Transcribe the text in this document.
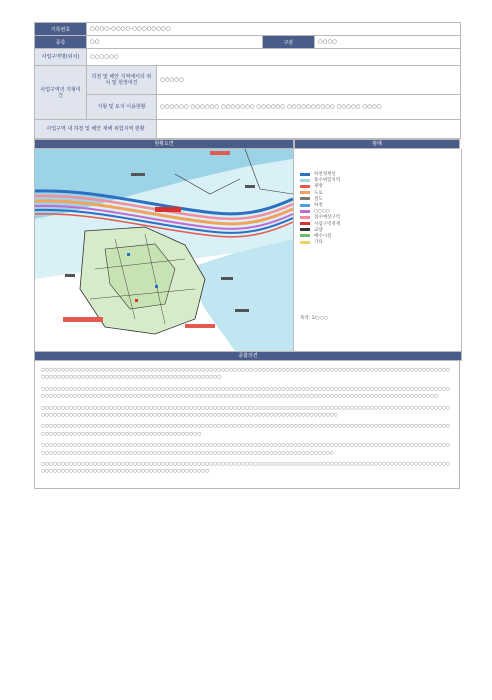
기록번호	○○○○-○○○○-○○○○○○○○			
종류	○○		구분	○○○○
사업구역명(위치)	○○○○○○			
사업구역의 지형여건	하천 및 해안 지역에서의 위치 및 현장여건	○○○○○		
	지형 및 토지 이용현황	○○○○○○ ○○○○○○ ○○○○○○○ ○○○○○○ ○○○○○○○○○○ ○○○○○ ○○○○		
사업구역 내 하천 및 해안 재해 위험지역 현황				
현황도면	범례
하천경계선
홍수위험지역
제방
도로
철도
하천
○○○○
침수예상구역
사업구역경계
교량
배수시설
기타
축척: 1/○○○
종합의견

○○○○○○○○○○○○○○○○○○○○○○○○○○○○○○○○○○○○○○○○○○○○○○○○○○○○○○○○○○○○○○○○○○○○○○○○○○○○○○○○○○○○○○○○○○○○○○○○○○○○○○○○○○○○○○○○○○○○○○○○○○○○○○○○○○○○○○○○○○○○○○○○○○○

○○○○○○○○○○○○○○○○○○○○○○○○○○○○○○○○○○○○○○○○○○○○○○○○○○○○○○○○○○○○○○○○○○○○○○○○○○○○○○○○○○○○○○○○○○○○○○○○○○○○○○○○○○○○○○○○○○○○○○○○○○○○○○○○○○○○○○○○○○○○○○○○○○○○○○○○○○○○○○○○○○○○○○○○○○○○○○○○○○○○○○○○○○○○○○○○○○○○○○○○○

○○○○○○○○○○○○○○○○○○○○○○○○○○○○○○○○○○○○○○○○○○○○○○○○○○○○○○○○○○○○○○○○○○○○○○○○○○○○○○○○○○○○○○○○○○○○○○○○○○○○○○○○○○○○○○○○○○○○○○○○○○○○○○○○○○○○○○○○○○○○○○○○○○○○○○○○○○○○○○○○○○○○○○○○○○○○○○○○

○○○○○○○○○○○○○○○○○○○○○○○○○○○○○○○○○○○○○○○○○○○○○○○○○○○○○○○○○○○○○○○○○○○○○○○○○○○○○○○○○○○○○○○○○○○○○○○○○○○○○○○○○○○○○○○○○○○○○○○○○○○○○○○○○○○○○○○○○○○○○○

○○○○○○○○○○○○○○○○○○○○○○○○○○○○○○○○○○○○○○○○○○○○○○○○○○○○○○○○○○○○○○○○○○○○○○○○○○○○○○○○○○○○○○○○○○○○○○○○○○○○○○○○○○○○○○○○○○○○○○○○○○○○○○○○○○○○○○○○○○○○○○○○○○○○○○○○○○○○○○○○○○○○○○○○○○○○○○○

○○○○○○○○○○○○○○○○○○○○○○○○○○○○○○○○○○○○○○○○○○○○○○○○○○○○○○○○○○○○○○○○○○○○○○○○○○○○○○○○○○○○○○○○○○○○○○○○○○○○○○○○○○○○○○○○○○○○○○○○○○○○○○○○○○○○○○○○○○○○○○○○
